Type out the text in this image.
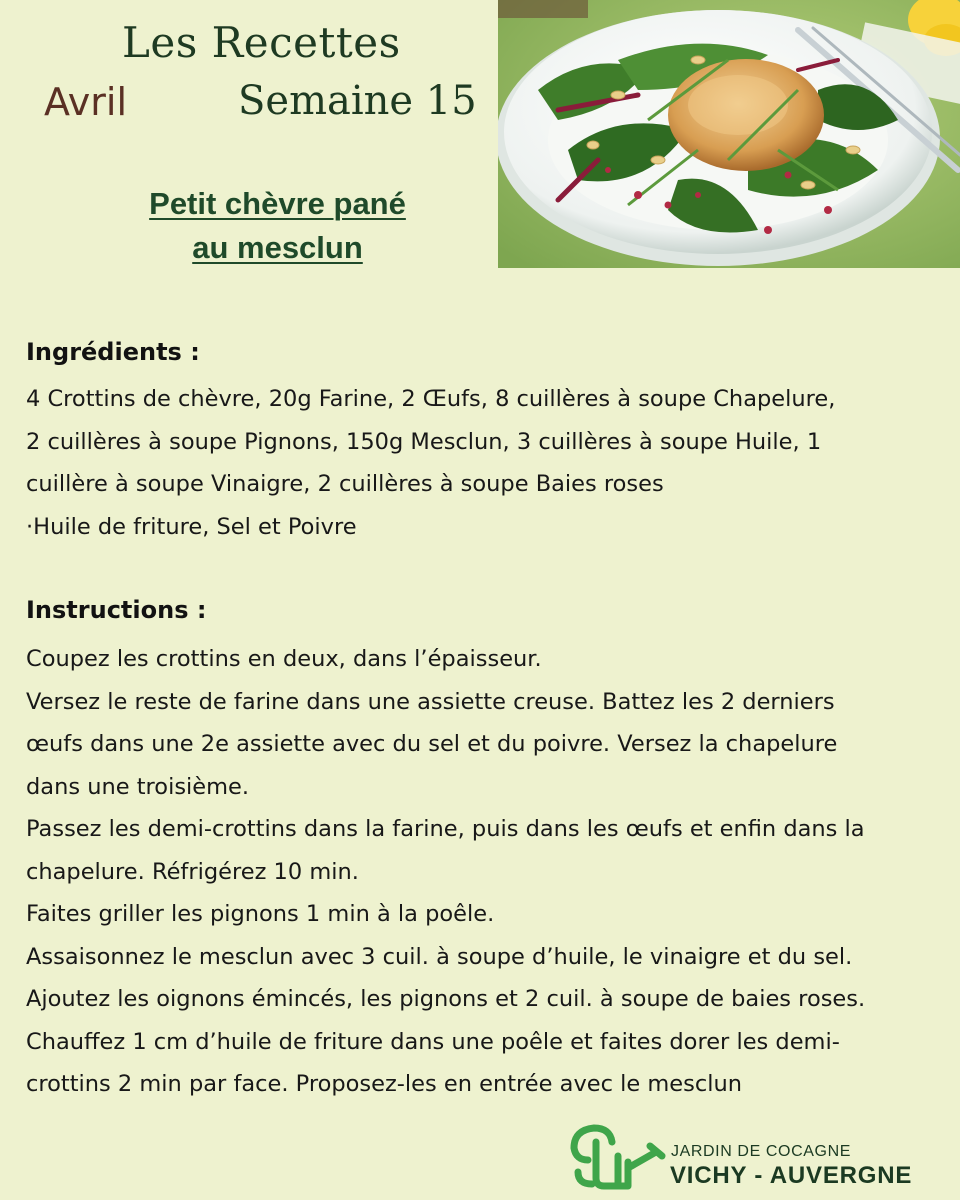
Les Recettes
Avril	Semaine 15
Petit chèvre pané
au mesclun
Ingrédients :
4 Crottins de chèvre, 20g Farine, 2 Œufs, 8 cuillères à soupe Chapelure,
2 cuillères à soupe Pignons, 150g Mesclun, 3 cuillères à soupe Huile, 1
cuillère à soupe Vinaigre, 2 cuillères à soupe Baies roses
·Huile de friture, Sel et Poivre
Instructions :
Coupez les crottins en deux, dans l’épaisseur.
Versez le reste de farine dans une assiette creuse. Battez les 2 derniers
œufs dans une 2e assiette avec du sel et du poivre. Versez la chapelure
dans une troisième.
Passez les demi-crottins dans la farine, puis dans les œufs et enfin dans la
chapelure. Réfrigérez 10 min.
Faites griller les pignons 1 min à la poêle.
Assaisonnez le mesclun avec 3 cuil. à soupe d’huile, le vinaigre et du sel.
Ajoutez les oignons émincés, les pignons et 2 cuil. à soupe de baies roses.
Chauffez 1 cm d’huile de friture dans une poêle et faites dorer les demi-
crottins 2 min par face. Proposez-les en entrée avec le mesclun
JARDIN DE COCAGNE
VICHY - AUVERGNE
